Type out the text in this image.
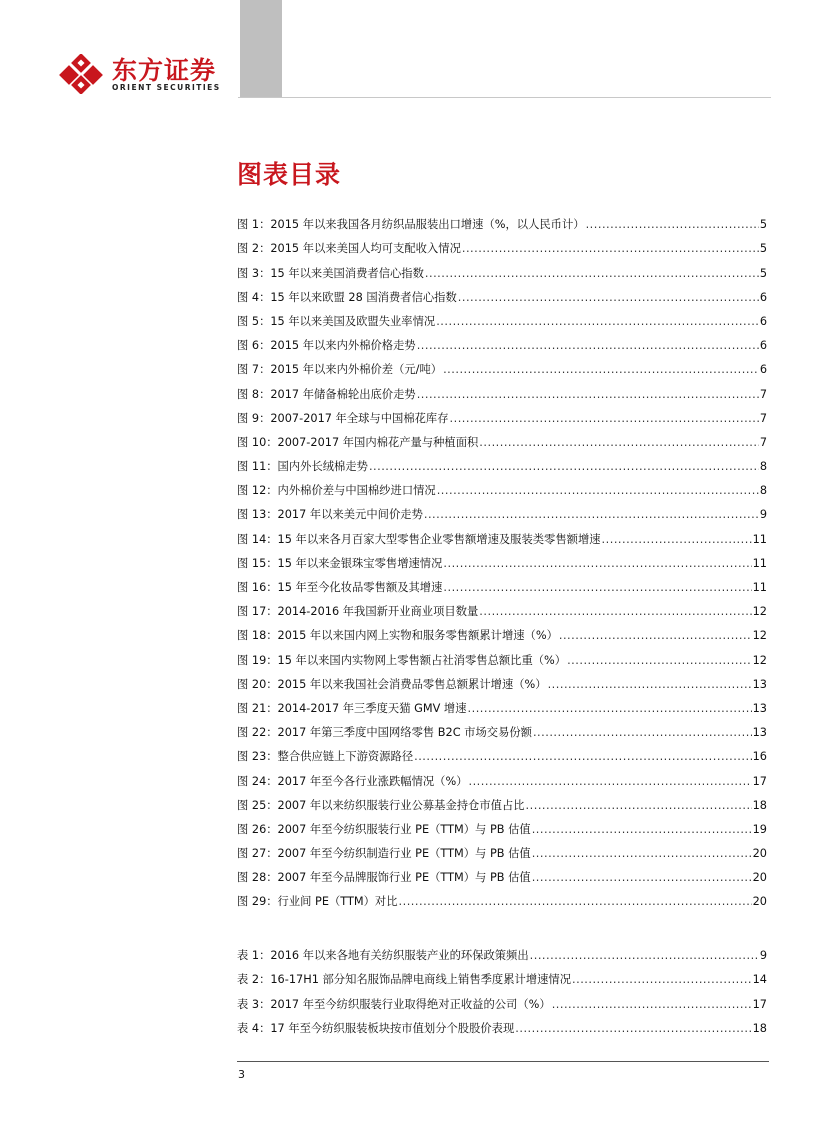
东方证券
ORIENT SECURITIES
图表目录
图 1：2015 年以来我国各月纺织品服装出口增速（%，以人民币计） .....	5
图 2：2015 年以来美国人均可支配收入情况 .....	5
图 3：15 年以来美国消费者信心指数 .....	5
图 4：15 年以来欧盟 28 国消费者信心指数 .....	6
图 5：15 年以来美国及欧盟失业率情况 .....	6
图 6：2015 年以来内外棉价格走势 .....	6
图 7：2015 年以来内外棉价差（元/吨） .....	6
图 8：2017 年储备棉轮出底价走势 .....	7
图 9：2007-2017 年全球与中国棉花库存 .....	7
图 10：2007-2017 年国内棉花产量与种植面积 .....	7
图 11：国内外长绒棉走势 .....	8
图 12：内外棉价差与中国棉纱进口情况 .....	8
图 13：2017 年以来美元中间价走势 .....	9
图 14：15 年以来各月百家大型零售企业零售额增速及服装类零售额增速 .....	11
图 15：15 年以来金银珠宝零售增速情况 .....	11
图 16：15 年至今化妆品零售额及其增速 .....	11
图 17：2014-2016 年我国新开业商业项目数量 .....	12
图 18：2015 年以来国内网上实物和服务零售额累计增速（%） .....	12
图 19：15 年以来国内实物网上零售额占社消零售总额比重（%） .....	12
图 20：2015 年以来我国社会消费品零售总额累计增速（%） .....	13
图 21：2014-2017 年三季度天猫 GMV 增速 .....	13
图 22：2017 年第三季度中国网络零售 B2C 市场交易份额 .....	13
图 23：整合供应链上下游资源路径 .....	16
图 24：2017 年至今各行业涨跌幅情况（%） .....	17
图 25：2007 年以来纺织服装行业公募基金持仓市值占比 .....	18
图 26：2007 年至今纺织服装行业 PE（TTM）与 PB 估值 .....	19
图 27：2007 年至今纺织制造行业 PE（TTM）与 PB 估值 .....	20
图 28：2007 年至今品牌服饰行业 PE（TTM）与 PB 估值 .....	20
图 29：行业间 PE（TTM）对比 .....	20
表 1：2016 年以来各地有关纺织服装产业的环保政策频出 .....	9
表 2：16-17H1 部分知名服饰品牌电商线上销售季度累计增速情况 .....	14
表 3：2017 年至今纺织服装行业取得绝对正收益的公司（%） .....	17
表 4：17 年至今纺织服装板块按市值划分个股股价表现 .....	18
3
